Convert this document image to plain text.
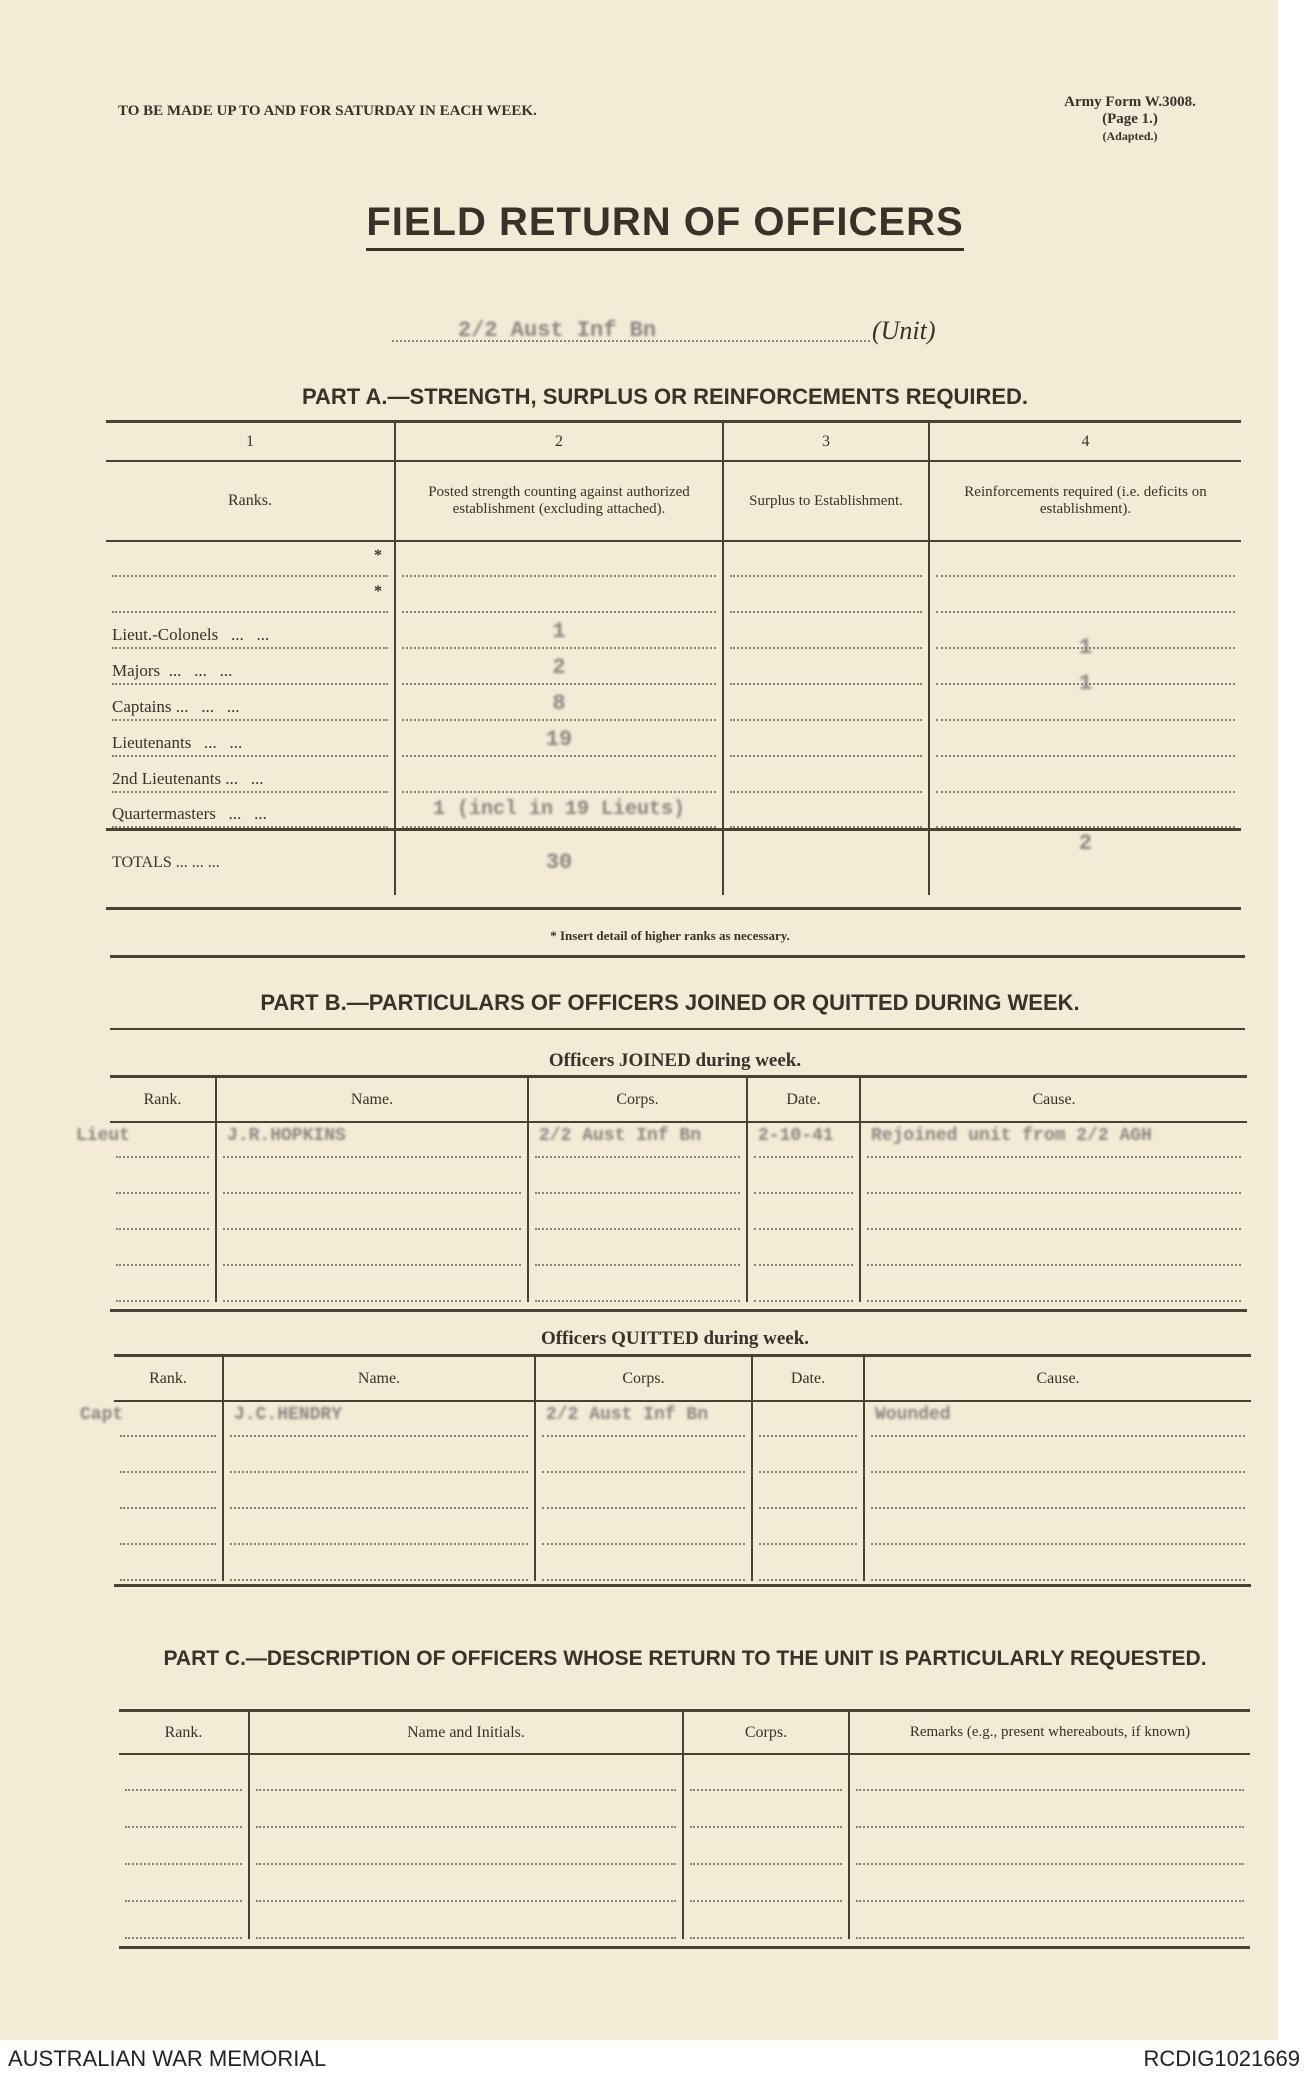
TO BE MADE UP TO AND FOR SATURDAY IN EACH WEEK.
Army Form W.3008.
(Page 1.)
(Adapted.)
FIELD RETURN OF OFFICERS
2/2 Aust Inf Bn	(Unit)
PART A.—STRENGTH, SURPLUS OR REINFORCEMENTS REQUIRED.
1	2	3	4
Ranks.	Posted strength counting against authorized establishment (excluding attached).	Surplus to Establishment.	Reinforcements required (i.e. deficits on establishment).

*			

*			

Lieut.-Colonels   ...   ...	1		1

Majors  ...   ...   ...	2		1

Captains ...   ...   ...	8		

Lieutenants   ...   ...	19		

2nd Lieutenants ...   ...			

Quartermasters   ...   ...	1 (incl in 19 Lieuts)		

TOTALS ... ... ...	30		2
* Insert detail of higher ranks as necessary.
PART B.—PARTICULARS OF OFFICERS JOINED OR QUITTED DURING WEEK.
Officers JOINED during week.
Rank.	Name.	Corps.	Date.	Cause.

Lieut	J.R.HOPKINS	2/2 Aust Inf Bn	2-10-41	Rejoined unit from 2/2 AGH

Officers QUITTED during week.
Rank.	Name.	Corps.	Date.	Cause.

Capt	J.C.HENDRY	2/2 Aust Inf Bn		Wounded

PART C.—DESCRIPTION OF OFFICERS WHOSE RETURN TO THE UNIT IS PARTICULARLY REQUESTED.
Rank.	Name and Initials.	Corps.	Remarks (e.g., present whereabouts, if known)

AUSTRALIAN WAR MEMORIAL	RCDIG1021669
